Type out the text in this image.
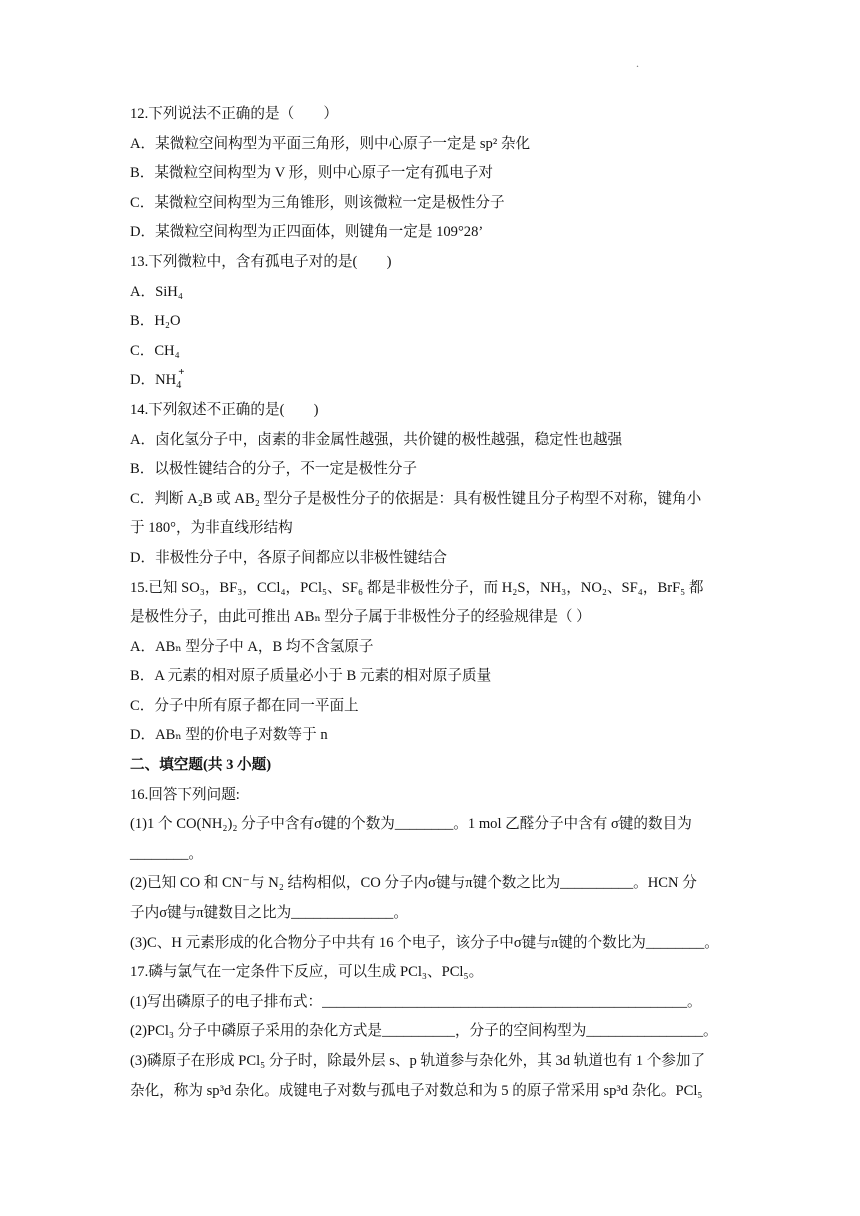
.
12.下列说法不正确的是（　　）
A．某微粒空间构型为平面三角形，则中心原子一定是 sp² 杂化
B．某微粒空间构型为 V 形，则中心原子一定有孤电子对
C．某微粒空间构型为三角锥形，则该微粒一定是极性分子
D．某微粒空间构型为正四面体，则键角一定是 109°28’
13.下列微粒中，含有孤电子对的是(　　)
A．SiH₄
B．H₂O
C．CH₄
D．$NH_4$
+
14.下列叙述不正确的是(　　)
A．卤化氢分子中，卤素的非金属性越强，共价键的极性越强，稳定性也越强
B．以极性键结合的分子，不一定是极性分子
C．判断 A₂B 或 AB₂ 型分子是极性分子的依据是：具有极性键且分子构型不对称，键角小
于 180°，为非直线形结构
D．非极性分子中，各原子间都应以非极性键结合
15.已知 SO₃，BF₃，CCl₄，PCl₅、SF₆ 都是非极性分子，而 H₂S，NH₃，NO₂、SF₄，BrF₅ 都
是极性分子，由此可推出 ABₙ 型分子属于非极性分子的经验规律是（ ）
A．ABₙ 型分子中 A，B 均不含氢原子
B．A 元素的相对原子质量必小于 B 元素的相对原子质量
C．分子中所有原子都在同一平面上
D．ABₙ 型的价电子对数等于 n
二、填空题(共 3 小题)
16.回答下列问题:
(1)1 个 CO(NH₂)₂ 分子中含有σ键的个数为________。1 mol 乙醛分子中含有 σ键的数目为
________。
(2)已知 CO 和 CN⁻与 N₂ 结构相似，CO 分子内σ键与π键个数之比为__________。HCN 分
子内σ键与π键数目之比为______________。
(3)C、H 元素形成的化合物分子中共有 16 个电子，该分子中σ键与π键的个数比为________。
17.磷与氯气在一定条件下反应，可以生成 PCl₃、PCl₅。
(1)写出磷原子的电子排布式：__________________________________________________。
(2)PCl₃ 分子中磷原子采用的杂化方式是__________，分子的空间构型为________________。
(3)磷原子在形成 PCl₅ 分子时，除最外层 s、p 轨道参与杂化外，其 3d 轨道也有 1 个参加了
杂化，称为 sp³d 杂化。成键电子对数与孤电子对数总和为 5 的原子常采用 sp³d 杂化。PCl₅
